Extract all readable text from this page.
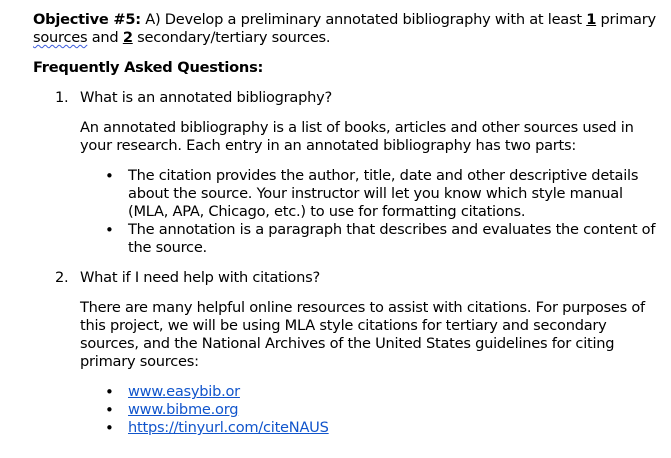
Objective #5: A) Develop a preliminary annotated bibliography with at least 1 primary sources and 2 secondary/tertiary sources.

Frequently Asked Questions:

1. What is an annotated bibliography?

An annotated bibliography is a list of books, articles and other sources used in your research. Each entry in an annotated bibliography has two parts:

• The citation provides the author, title, date and other descriptive details about the source. Your instructor will let you know which style manual (MLA, APA, Chicago, etc.) to use for formatting citations.
• The annotation is a paragraph that describes and evaluates the content of the source.
2. What if I need help with citations?

There are many helpful online resources to assist with citations. For purposes of this project, we will be using MLA style citations for tertiary and secondary sources, and the National Archives of the United States guidelines for citing primary sources:

• www.easybib.or
• www.bibme.org
• https://tinyurl.com/citeNAUS
